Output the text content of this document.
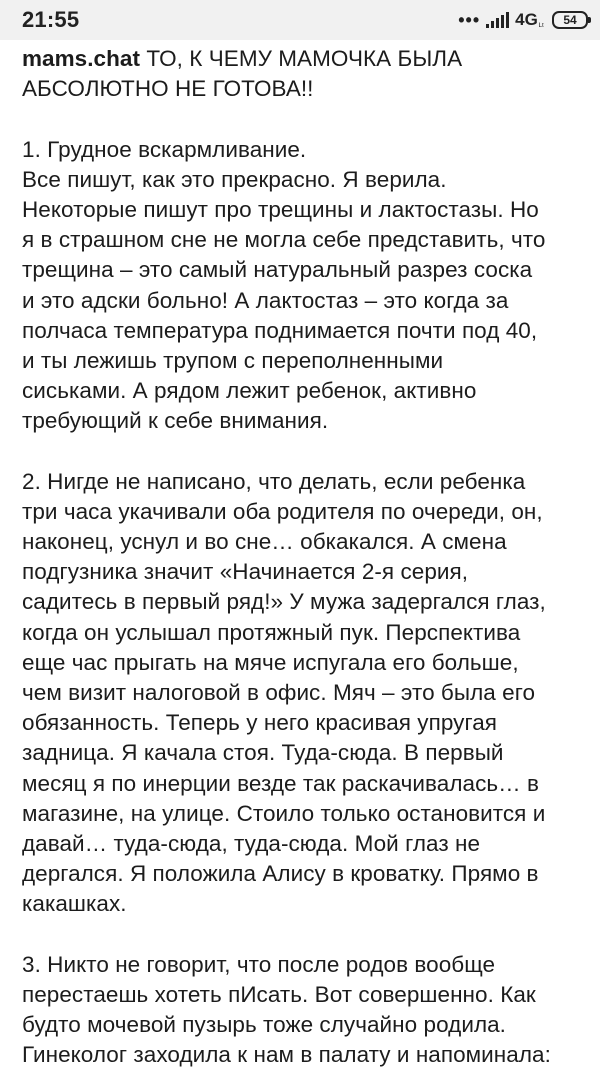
21:55	••• $4G_{ᴸᵗ}$ 54
mams.chat ТО, К ЧЕМУ МАМОЧКА БЫЛА
АБСОЛЮТНО НЕ ГОТОВА!!
1. Грудное вскармливание.
Все пишут, как это прекрасно. Я верила.
Некоторые пишут про трещины и лактостазы. Но
я в страшном сне не могла себе представить, что
трещина – это самый натуральный разрез соска
и это адски больно! А лактостаз – это когда за
полчаса температура поднимается почти под 40,
и ты лежишь трупом с переполненными
сиськами. А рядом лежит ребенок, активно
требующий к себе внимания.
2. Нигде не написано, что делать, если ребенка
три часа укачивали оба родителя по очереди, он,
наконец, уснул и во сне… обкакался. А смена
подгузника значит «Начинается 2-я серия,
садитесь в первый ряд!» У мужа задергался глаз,
когда он услышал протяжный пук. Перспектива
еще час прыгать на мяче испугала его больше,
чем визит налоговой в офис. Мяч – это была его
обязанность. Теперь у него красивая упругая
задница. Я качала стоя. Туда-сюда. В первый
месяц я по инерции везде так раскачивалась… в
магазине, на улице. Стоило только остановится и
давай… туда-сюда, туда-сюда. Мой глаз не
дергался. Я положила Алису в кроватку. Прямо в
какашках.
3. Никто не говорит, что после родов вообще
перестаешь хотеть пИсать. Вот совершенно. Как
будто мочевой пузырь тоже случайно родила.
Гинеколог заходила к нам в палату и напоминала:
